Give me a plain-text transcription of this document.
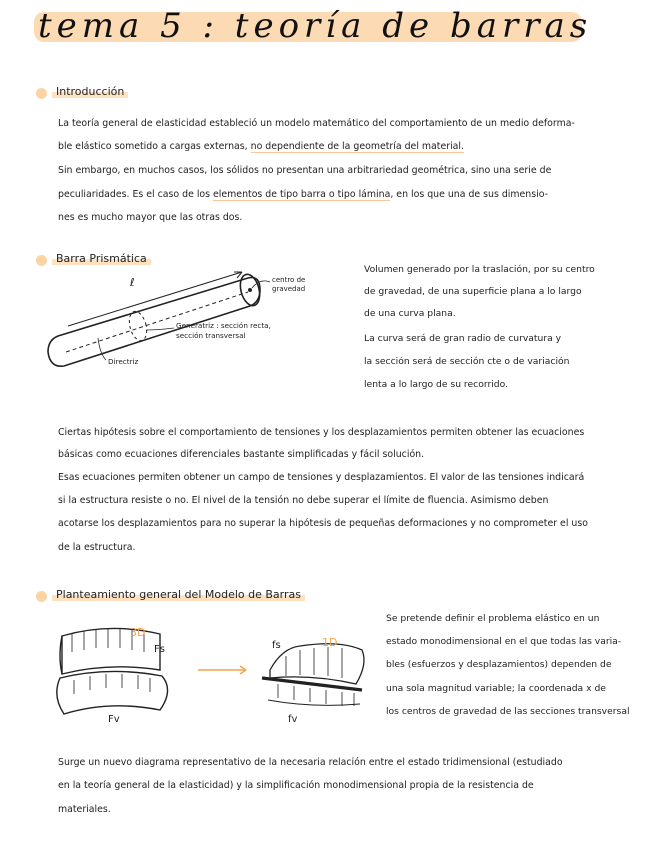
tema 5 : teoría de barras
Introducción
La teoría general de elasticidad estableció un modelo matemático del comportamiento de un medio deforma-
ble elástico sometido a cargas externas, no dependiente de la geometría del material.
Sin embargo, en muchos casos, los sólidos no presentan una arbitrariedad geométrica, sino una serie de
peculiaridades. Es el caso de los elementos de tipo barra o tipo lámina, en los que una de sus dimensio-
nes es mucho mayor que las otras dos.
Barra Prismática
ℓ	centro de gravedad
Generatriz : sección recta, sección transversal
Directriz
Volumen generado por la traslación, por su centro
de gravedad, de una superficie plana a lo largo
de una curva plana.
La curva será de gran radio de curvatura y
la sección será de sección cte o de variación
lenta a lo largo de su recorrido.
Ciertas hipótesis sobre el comportamiento de tensiones y los desplazamientos permiten obtener las ecuaciones
básicas como ecuaciones diferenciales bastante simplificadas y fácil solución.
Esas ecuaciones permiten obtener un campo de tensiones y desplazamientos. El valor de las tensiones indicará
si la estructura resiste o no. El nivel de la tensión no debe superar el límite de fluencia. Asimismo deben
acotarse los desplazamientos para no superar la hipótesis de pequeñas deformaciones y no comprometer el uso
de la estructura.
Planteamiento general del Modelo de Barras
3D
Fs
Fv
fs	1D
fv
Se pretende definir el problema elástico en un
estado monodimensional en el que todas las varia-
bles (esfuerzos y desplazamientos) dependen de
una sola magnitud variable; la coordenada x de
los centros de gravedad de las secciones transversal
Surge un nuevo diagrama representativo de la necesaria relación entre el estado tridimensional (estudiado
en la teoría general de la elasticidad) y la simplificación monodimensional propia de la resistencia de
materiales.
